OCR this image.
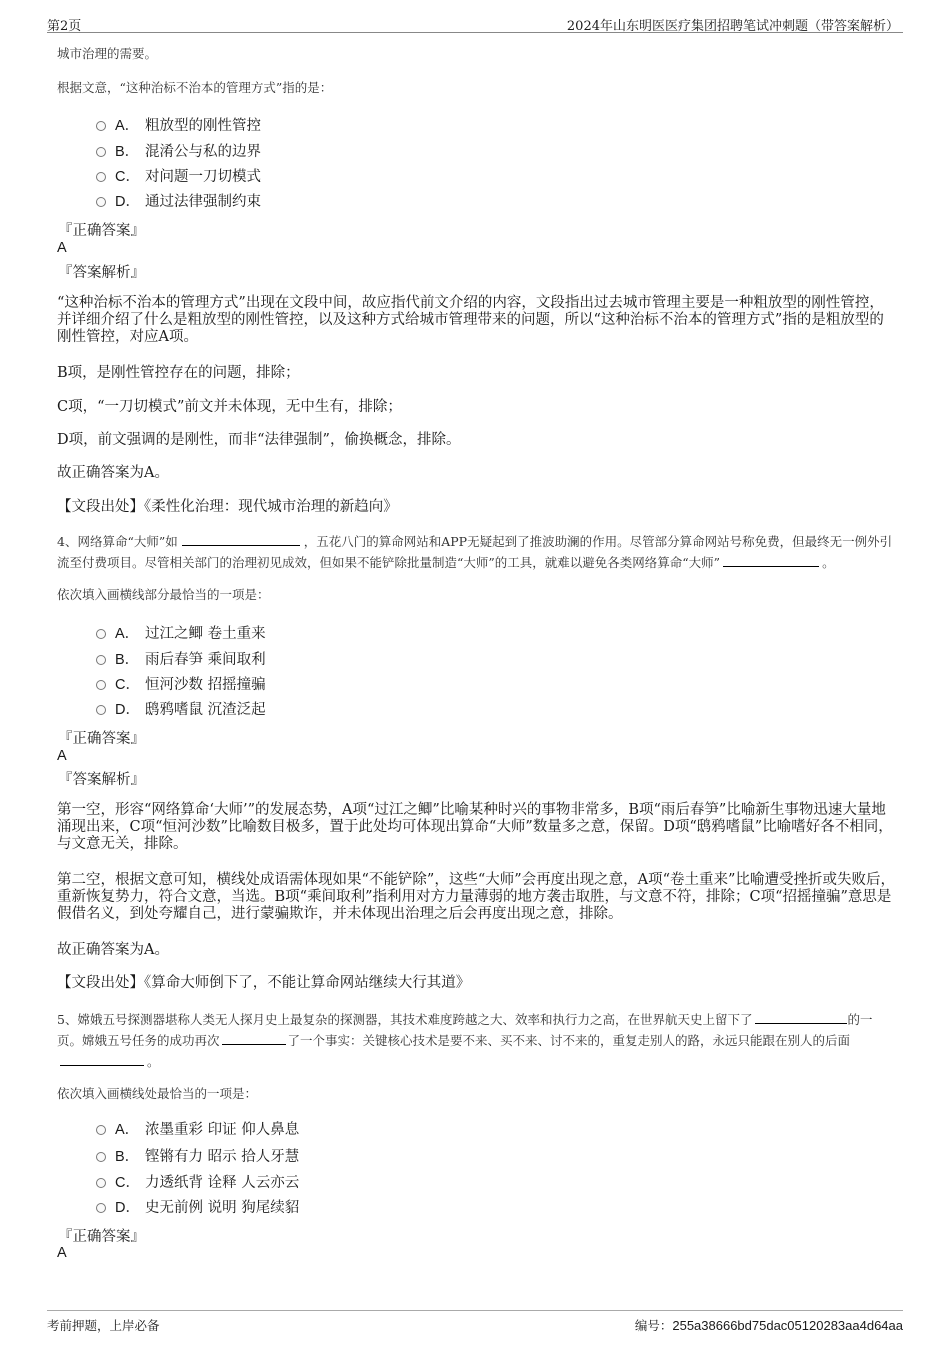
第2页	2024年山东明医医疗集团招聘笔试冲刺题（带答案解析）
城市治理的需要。
根据文意，“这种治标不治本的管理方式”指的是：
A． 粗放型的刚性管控
B． 混淆公与私的边界
C． 对问题一刀切模式
D． 通过法律强制约束
『正确答案』
A
『答案解析』
“这种治标不治本的管理方式”出现在文段中间，故应指代前文介绍的内容，文段指出过去城市管理主要是一种粗放型的刚性管控，并详细介绍了什么是粗放型的刚性管控，以及这种方式给城市管理带来的问题，所以“这种治标不治本的管理方式”指的是粗放型的刚性管控，对应A项。
B项，是刚性管控存在的问题，排除；
C项，“一刀切模式”前文并未体现，无中生有，排除；
D项，前文强调的是刚性，而非“法律强制”，偷换概念，排除。
故正确答案为A。
【文段出处】《柔性化治理：现代城市治理的新趋向》
4、网络算命“大师”如	，五花八门的算命网站和APP无疑起到了推波助澜的作用。尽管部分算命网站号称免费，但最终无一例外引流至付费项目。尽管相关部门的治理初见成效，但如果不能铲除批量制造“大师”的工具，就难以避免各类网络算命“大师”	。
依次填入画横线部分最恰当的一项是：
A． 过江之鲫 卷土重来
B． 雨后春笋 乘间取利
C． 恒河沙数 招摇撞骗
D． 鸱鸦嗜鼠 沉渣泛起
『正确答案』
A
『答案解析』
第一空，形容“网络算命‘大师’”的发展态势，A项“过江之鲫”比喻某种时兴的事物非常多，B项“雨后春笋”比喻新生事物迅速大量地涌现出来，C项“恒河沙数”比喻数目极多，置于此处均可体现出算命“大师”数量多之意，保留。D项“鸱鸦嗜鼠”比喻嗜好各不相同，与文意无关，排除。
第二空，根据文意可知，横线处成语需体现如果“不能铲除”，这些“大师”会再度出现之意，A项“卷土重来”比喻遭受挫折或失败后，重新恢复势力，符合文意，当选。B项“乘间取利”指利用对方力量薄弱的地方袭击取胜，与文意不符，排除；C项“招摇撞骗”意思是假借名义，到处夸耀自己，进行蒙骗欺诈，并未体现出治理之后会再度出现之意，排除。
故正确答案为A。
【文段出处】《算命大师倒下了，不能让算命网站继续大行其道》
5、嫦娥五号探测器堪称人类无人探月史上最复杂的探测器，其技术难度跨越之大、效率和执行力之高，在世界航天史上留下了	的一页。嫦娥五号任务的成功再次	了一个事实：关键核心技术是要不来、买不来、讨不来的，重复走别人的路，永远只能跟在别人的后面。
依次填入画横线处最恰当的一项是：
A． 浓墨重彩 印证 仰人鼻息
B． 铿锵有力 昭示 拾人牙慧
C． 力透纸背 诠释 人云亦云
D． 史无前例 说明 狗尾续貂
『正确答案』
A
考前押题，上岸必备	编号：255a38666bd75dac05120283aa4d64aa
